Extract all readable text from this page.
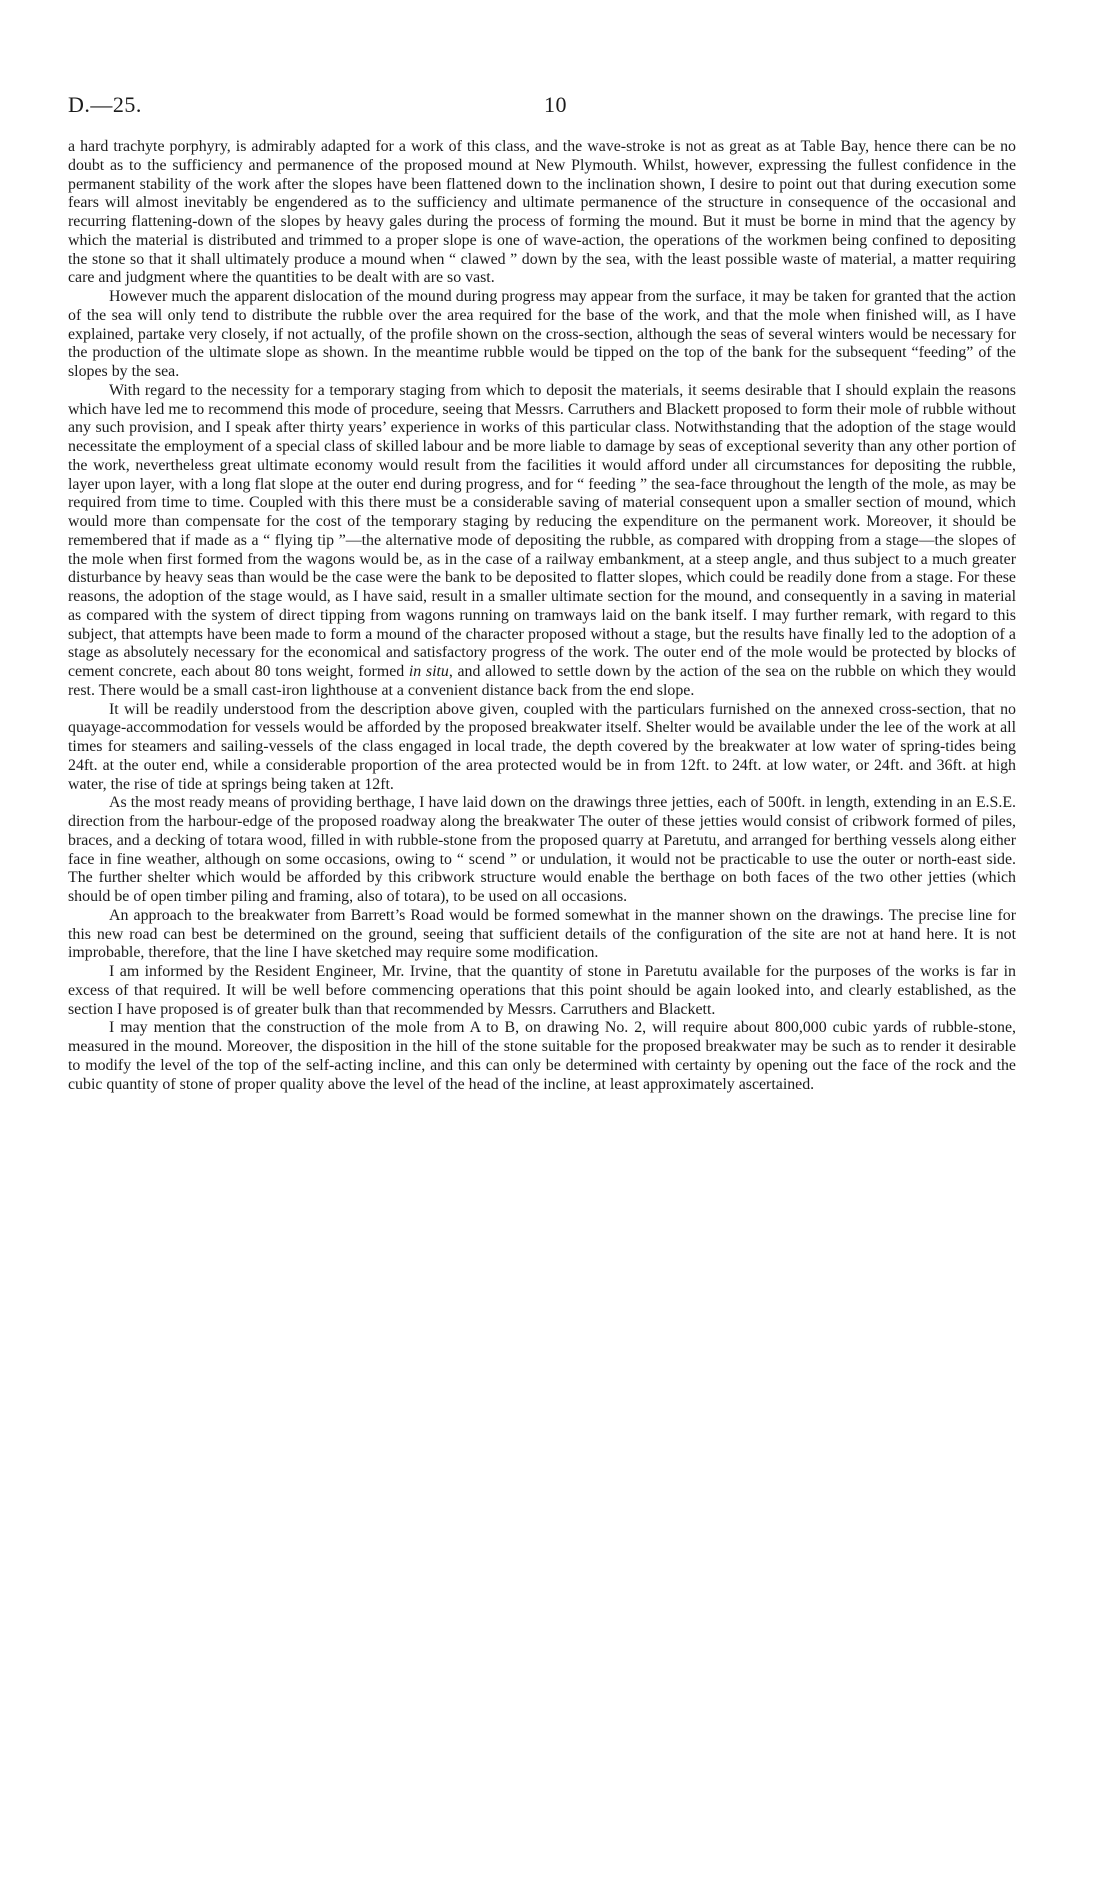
D.—25.	10

a hard trachyte porphyry, is admirably adapted for a work of this class, and the wave-stroke is not as great as at Table Bay, hence there can be no doubt as to the sufficiency and permanence of the proposed mound at New Plymouth. Whilst, however, expressing the fullest confidence in the permanent stability of the work after the slopes have been flattened down to the inclination shown, I desire to point out that during execution some fears will almost inevitably be engendered as to the sufficiency and ultimate permanence of the structure in consequence of the occasional and recurring flattening-down of the slopes by heavy gales during the process of forming the mound. But it must be borne in mind that the agency by which the material is distributed and trimmed to a proper slope is one of wave-action, the operations of the workmen being confined to depositing the stone so that it shall ultimately produce a mound when “ clawed ” down by the sea, with the least possible waste of material, a matter requiring care and judgment where the quantities to be dealt with are so vast.

However much the apparent dislocation of the mound during progress may appear from the surface, it may be taken for granted that the action of the sea will only tend to distribute the rubble over the area required for the base of the work, and that the mole when finished will, as I have explained, partake very closely, if not actually, of the profile shown on the cross-section, although the seas of several winters would be necessary for the production of the ultimate slope as shown. In the meantime rubble would be tipped on the top of the bank for the subsequent “feeding” of the slopes by the sea.

With regard to the necessity for a temporary staging from which to deposit the materials, it seems desirable that I should explain the reasons which have led me to recommend this mode of procedure, seeing that Messrs. Carruthers and Blackett proposed to form their mole of rubble without any such provision, and I speak after thirty years’ experience in works of this particular class. Notwithstanding that the adoption of the stage would necessitate the employment of a special class of skilled labour and be more liable to damage by seas of exceptional severity than any other portion of the work, nevertheless great ultimate economy would result from the facilities it would afford under all circumstances for depositing the rubble, layer upon layer, with a long flat slope at the outer end during progress, and for “ feeding ” the sea-face throughout the length of the mole, as may be required from time to time. Coupled with this there must be a considerable saving of material consequent upon a smaller section of mound, which would more than compensate for the cost of the temporary staging by reducing the expenditure on the permanent work. Moreover, it should be remembered that if made as a “ flying tip ”—the alternative mode of depositing the rubble, as compared with dropping from a stage—the slopes of the mole when first formed from the wagons would be, as in the case of a railway embankment, at a steep angle, and thus subject to a much greater disturbance by heavy seas than would be the case were the bank to be deposited to flatter slopes, which could be readily done from a stage. For these reasons, the adoption of the stage would, as I have said, result in a smaller ultimate section for the mound, and consequently in a saving in material as compared with the system of direct tipping from wagons running on tramways laid on the bank itself. I may further remark, with regard to this subject, that attempts have been made to form a mound of the character proposed without a stage, but the results have finally led to the adoption of a stage as absolutely necessary for the economical and satisfactory progress of the work. The outer end of the mole would be protected by blocks of cement concrete, each about 80 tons weight, formed in situ, and allowed to settle down by the action of the sea on the rubble on which they would rest. There would be a small cast-iron lighthouse at a convenient distance back from the end slope.

It will be readily understood from the description above given, coupled with the particulars furnished on the annexed cross-section, that no quayage-accommodation for vessels would be afforded by the proposed breakwater itself. Shelter would be available under the lee of the work at all times for steamers and sailing-vessels of the class engaged in local trade, the depth covered by the breakwater at low water of spring-tides being 24ft. at the outer end, while a considerable proportion of the area protected would be in from 12ft. to 24ft. at low water, or 24ft. and 36ft. at high water, the rise of tide at springs being taken at 12ft.

As the most ready means of providing berthage, I have laid down on the drawings three jetties, each of 500ft. in length, extending in an E.S.E. direction from the harbour-edge of the proposed roadway along the breakwater The outer of these jetties would consist of cribwork formed of piles, braces, and a decking of totara wood, filled in with rubble-stone from the proposed quarry at Paretutu, and arranged for berthing vessels along either face in fine weather, although on some occasions, owing to “ scend ” or undulation, it would not be practicable to use the outer or north-east side. The further shelter which would be afforded by this cribwork structure would enable the berthage on both faces of the two other jetties (which should be of open timber piling and framing, also of totara), to be used on all occasions.

An approach to the breakwater from Barrett’s Road would be formed somewhat in the manner shown on the drawings. The precise line for this new road can best be determined on the ground, seeing that sufficient details of the configuration of the site are not at hand here. It is not improbable, therefore, that the line I have sketched may require some modification.

I am informed by the Resident Engineer, Mr. Irvine, that the quantity of stone in Paretutu available for the purposes of the works is far in excess of that required. It will be well before commencing operations that this point should be again looked into, and clearly established, as the section I have proposed is of greater bulk than that recommended by Messrs. Carruthers and Blackett.

I may mention that the construction of the mole from A to B, on drawing No. 2, will require about 800,000 cubic yards of rubble-stone, measured in the mound. Moreover, the disposition in the hill of the stone suitable for the proposed breakwater may be such as to render it desirable to modify the level of the top of the self-acting incline, and this can only be determined with certainty by opening out the face of the rock and the cubic quantity of stone of proper quality above the level of the head of the incline, at least approximately ascertained.
